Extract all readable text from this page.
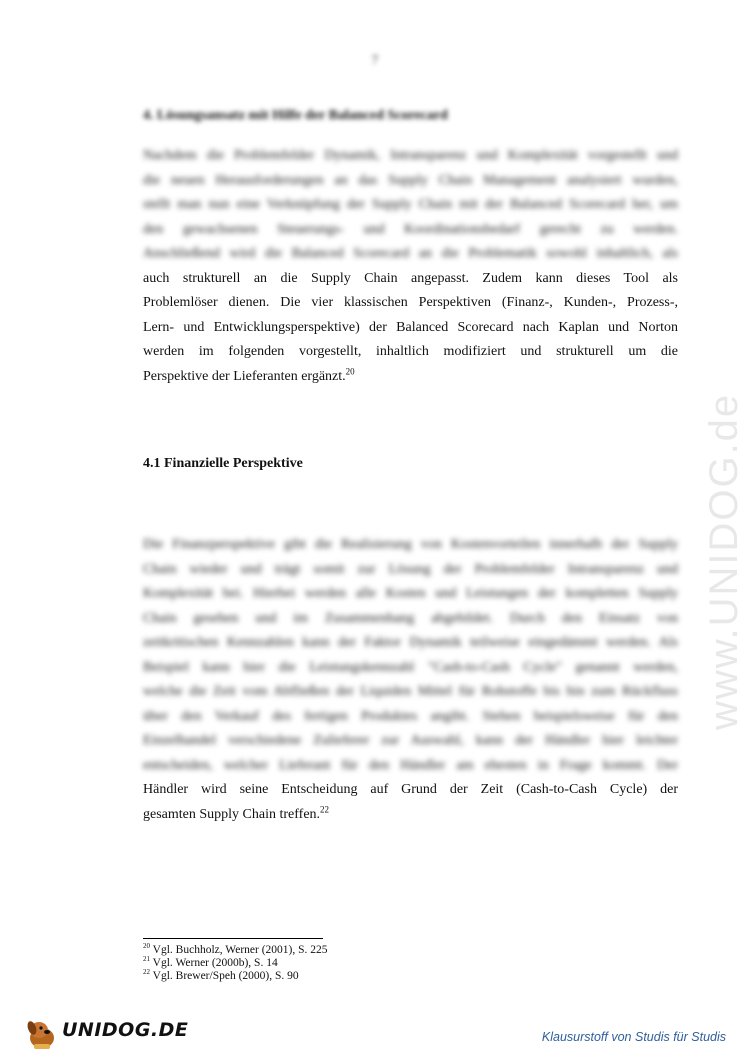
7
4. Lösungsansatz mit Hilfe der Balanced Scorecard
Nachdem die Problemfelder Dynamik, Intransparenz und Komplexität vorgestellt und
die neuen Herausforderungen an das Supply Chain Management analysiert wurden,
stellt man nun eine Verknüpfung der Supply Chain mit der Balanced Scorecard her, um
den gewachsenen Steuerungs- und Koordinationsbedarf gerecht zu werden.
Anschließend wird die Balanced Scorecard an die Problematik sowohl inhaltlich, als
auch strukturell an die Supply Chain angepasst. Zudem kann dieses Tool als
Problemlöser dienen. Die vier klassischen Perspektiven (Finanz-, Kunden-, Prozess-,
Lern- und Entwicklungsperspektive) der Balanced Scorecard nach Kaplan und Norton
werden im folgenden vorgestellt, inhaltlich modifiziert und strukturell um die
Perspektive der Lieferanten ergänzt.$^{20}$
4.1 Finanzielle Perspektive
Die Finanzperspektive gibt die Realisierung von Kostenvorteilen innerhalb der Supply
Chain wieder und trägt somit zur Lösung der Problemfelder Intransparenz und
Komplexität bei. Hierbei werden alle Kosten und Leistungen der kompletten Supply
Chain gesehen und im Zusammenhang abgebildet. Durch den Einsatz von
zeitkritischen Kennzahlen kann der Faktor Dynamik teilweise eingedämmt werden. Als
Beispiel kann hier die Leistungskennzahl "Cash-to-Cash Cycle" genannt werden,
welche die Zeit vom Abfließen der Liquiden Mittel für Rohstoffe bis hin zum Rückfluss
über den Verkauf des fertigen Produktes angibt. Stehen beispielsweise für den
Einzelhandel verschiedene Zulieferer zur Auswahl, kann der Händler hier leichter
entscheiden, welcher Lieferant für den Händler am ehesten in Frage kommt. Der
Händler wird seine Entscheidung auf Grund der Zeit (Cash-to-Cash Cycle) der
gesamten Supply Chain treffen.$^{22}$
$^{20}$ Vgl. Buchholz, Werner (2001), S. 225
$^{21}$ Vgl. Werner (2000b), S. 14
$^{22}$ Vgl. Brewer/Speh (2000), S. 90
www.UNIDOG.de
UNIDOG.DE	Klausurstoff von Studis für Studis
